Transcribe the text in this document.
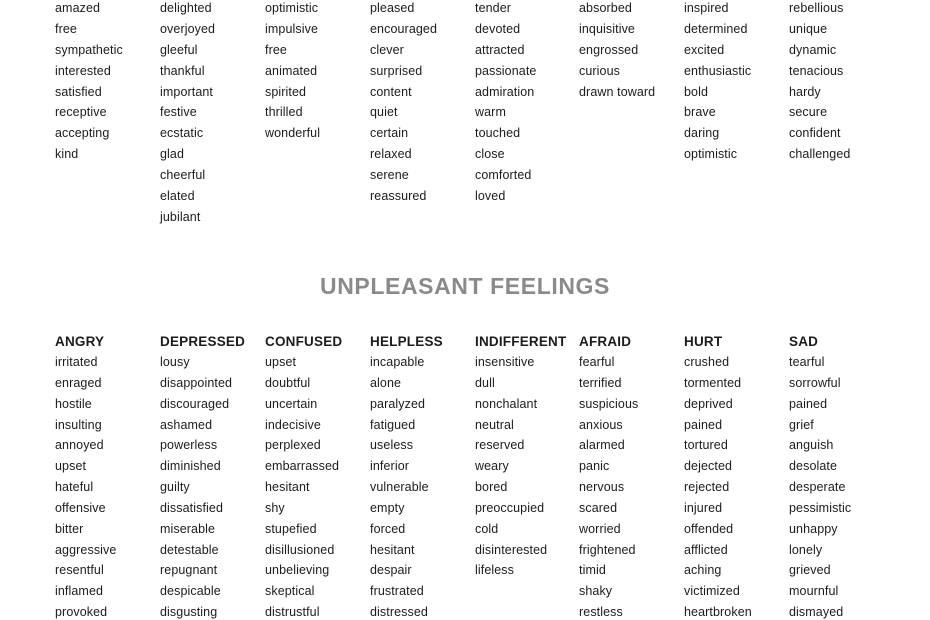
amazed
free
sympathetic
interested
satisfied
receptive
accepting
kind
delighted
overjoyed
gleeful
thankful
important
festive
ecstatic
glad
cheerful
elated
jubilant
optimistic
impulsive
free
animated
spirited
thrilled
wonderful
pleased
encouraged
clever
surprised
content
quiet
certain
relaxed
serene
reassured
tender
devoted
attracted
passionate
admiration
warm
touched
close
comforted
loved
absorbed
inquisitive
engrossed
curious
drawn toward
inspired
determined
excited
enthusiastic
bold
brave
daring
optimistic
rebellious
unique
dynamic
tenacious
hardy
secure
confident
challenged
UNPLEASANT FEELINGS
ANGRY
irritated
enraged
hostile
insulting
annoyed
upset
hateful
offensive
bitter
aggressive
resentful
inflamed
provoked
DEPRESSED
lousy
disappointed
discouraged
ashamed
powerless
diminished
guilty
dissatisfied
miserable
detestable
repugnant
despicable
disgusting
CONFUSED
upset
doubtful
uncertain
indecisive
perplexed
embarrassed
hesitant
shy
stupefied
disillusioned
unbelieving
skeptical
distrustful
HELPLESS
incapable
alone
paralyzed
fatigued
useless
inferior
vulnerable
empty
forced
hesitant
despair
frustrated
distressed
INDIFFERENT
insensitive
dull
nonchalant
neutral
reserved
weary
bored
preoccupied
cold
disinterested
lifeless
AFRAID
fearful
terrified
suspicious
anxious
alarmed
panic
nervous
scared
worried
frightened
timid
shaky
restless
HURT
crushed
tormented
deprived
pained
tortured
dejected
rejected
injured
offended
afflicted
aching
victimized
heartbroken
SAD
tearful
sorrowful
pained
grief
anguish
desolate
desperate
pessimistic
unhappy
lonely
grieved
mournful
dismayed
